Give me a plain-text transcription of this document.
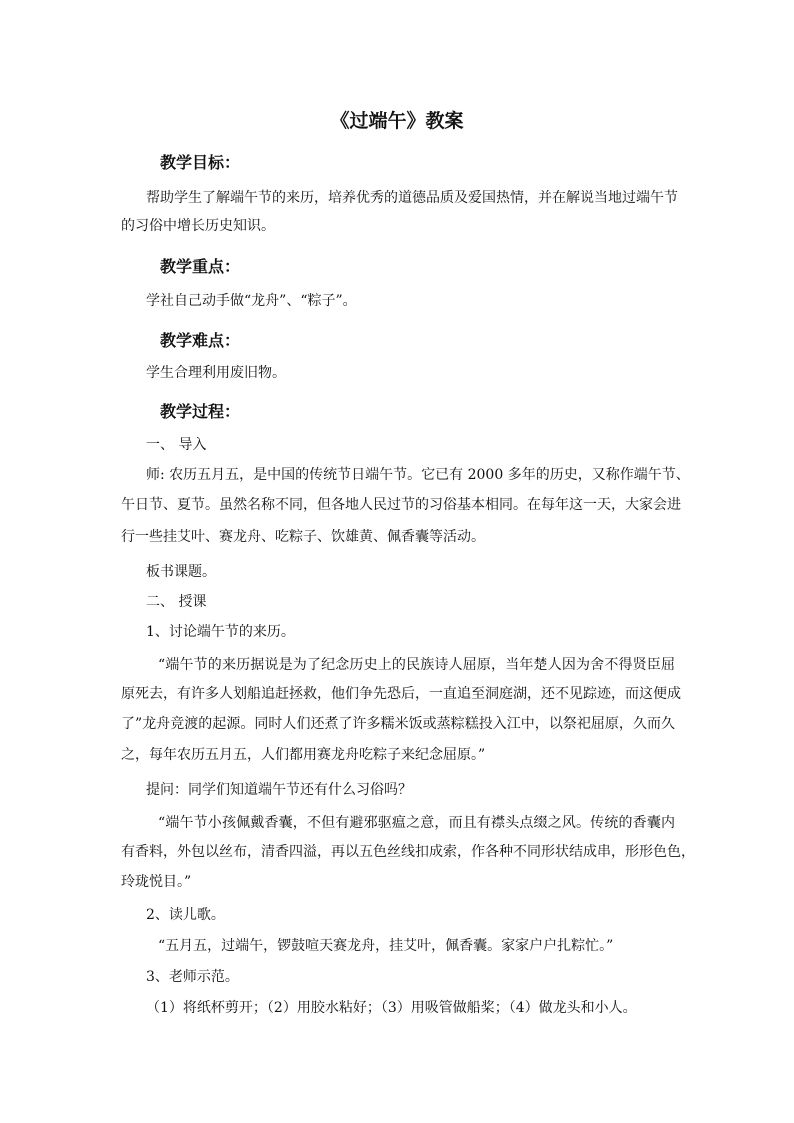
《过端午》教案
教学目标：
帮助学生了解端午节的来历，培养优秀的道德品质及爱国热情，并在解说当地过端午节
的习俗中增长历史知识。
教学重点：
学社自己动手做“龙舟”、“粽子”。
教学难点：
学生合理利用废旧物。
教学过程：
一、 导入
师: 农历五月五，是中国的传统节日端午节。它已有 2000 多年的历史，又称作端午节、
午日节、夏节。虽然名称不同，但各地人民过节的习俗基本相同。在每年这一天，大家会进
行一些挂艾叶、赛龙舟、吃粽子、饮雄黄、佩香囊等活动。
板书课题。
二、 授课
1、讨论端午节的来历。
“端午节的来历据说是为了纪念历史上的民族诗人屈原，当年楚人因为舍不得贤臣屈
原死去，有许多人划船追赶拯救，他们争先恐后，一直追至洞庭湖，还不见踪迹，而这便成
了”龙舟竞渡的起源。同时人们还煮了许多糯米饭或蒸粽糕投入江中，以祭祀屈原，久而久
之，每年农历五月五，人们都用赛龙舟吃粽子来纪念屈原。”
提问：同学们知道端午节还有什么习俗吗？
“端午节小孩佩戴香囊，不但有避邪驱瘟之意，而且有襟头点缀之风。传统的香囊内
有香料，外包以丝布，清香四溢，再以五色丝线扣成索，作各种不同形状结成串，形形色色，
玲珑悦目。”
2、读儿歌。
“五月五，过端午，锣鼓喧天赛龙舟，挂艾叶，佩香囊。家家户户扎粽忙。”
3、老师示范。
（1）将纸杯剪开；（2）用胶水粘好；（3）用吸管做船桨；（4）做龙头和小人。
